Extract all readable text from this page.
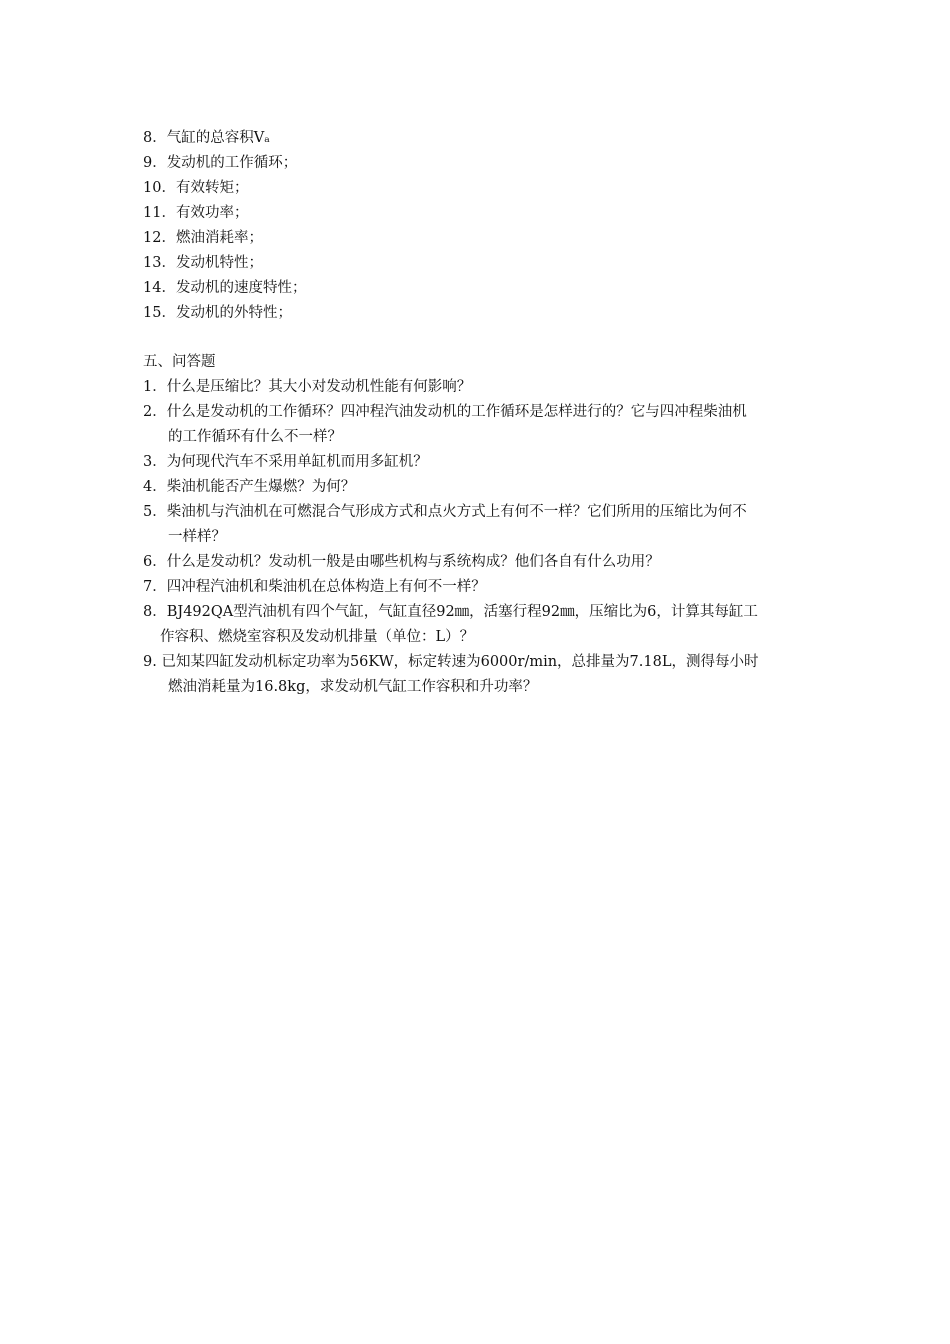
8．气缸的总容积Vₐ

9．发动机的工作循环；

10．有效转矩；

11．有效功率；

12．燃油消耗率；

13．发动机特性；

14．发动机的速度特性；

15．发动机的外特性；

五、问答题

1．什么是压缩比？其大小对发动机性能有何影响？
2．什么是发动机的工作循环？四冲程汽油发动机的工作循环是怎样进行的？它与四冲程柴油机
的工作循环有什么不一样？
3．为何现代汽车不采用单缸机而用多缸机？
4．柴油机能否产生爆燃？为何？
5．柴油机与汽油机在可燃混合气形成方式和点火方式上有何不一样？它们所用的压缩比为何不
一样样？
6．什么是发动机？发动机一般是由哪些机构与系统构成？他们各自有什么功用？
7．四冲程汽油机和柴油机在总体构造上有何不一样？
8．BJ492QA型汽油机有四个气缸，气缸直径92㎜，活塞行程92㎜，压缩比为6，计算其每缸工
作容积、燃烧室容积及发动机排量（单位：L）？
9. 已知某四缸发动机标定功率为56KW，标定转速为6000r/min，总排量为7.18L，测得每小时
燃油消耗量为16.8kg，求发动机气缸工作容积和升功率？
